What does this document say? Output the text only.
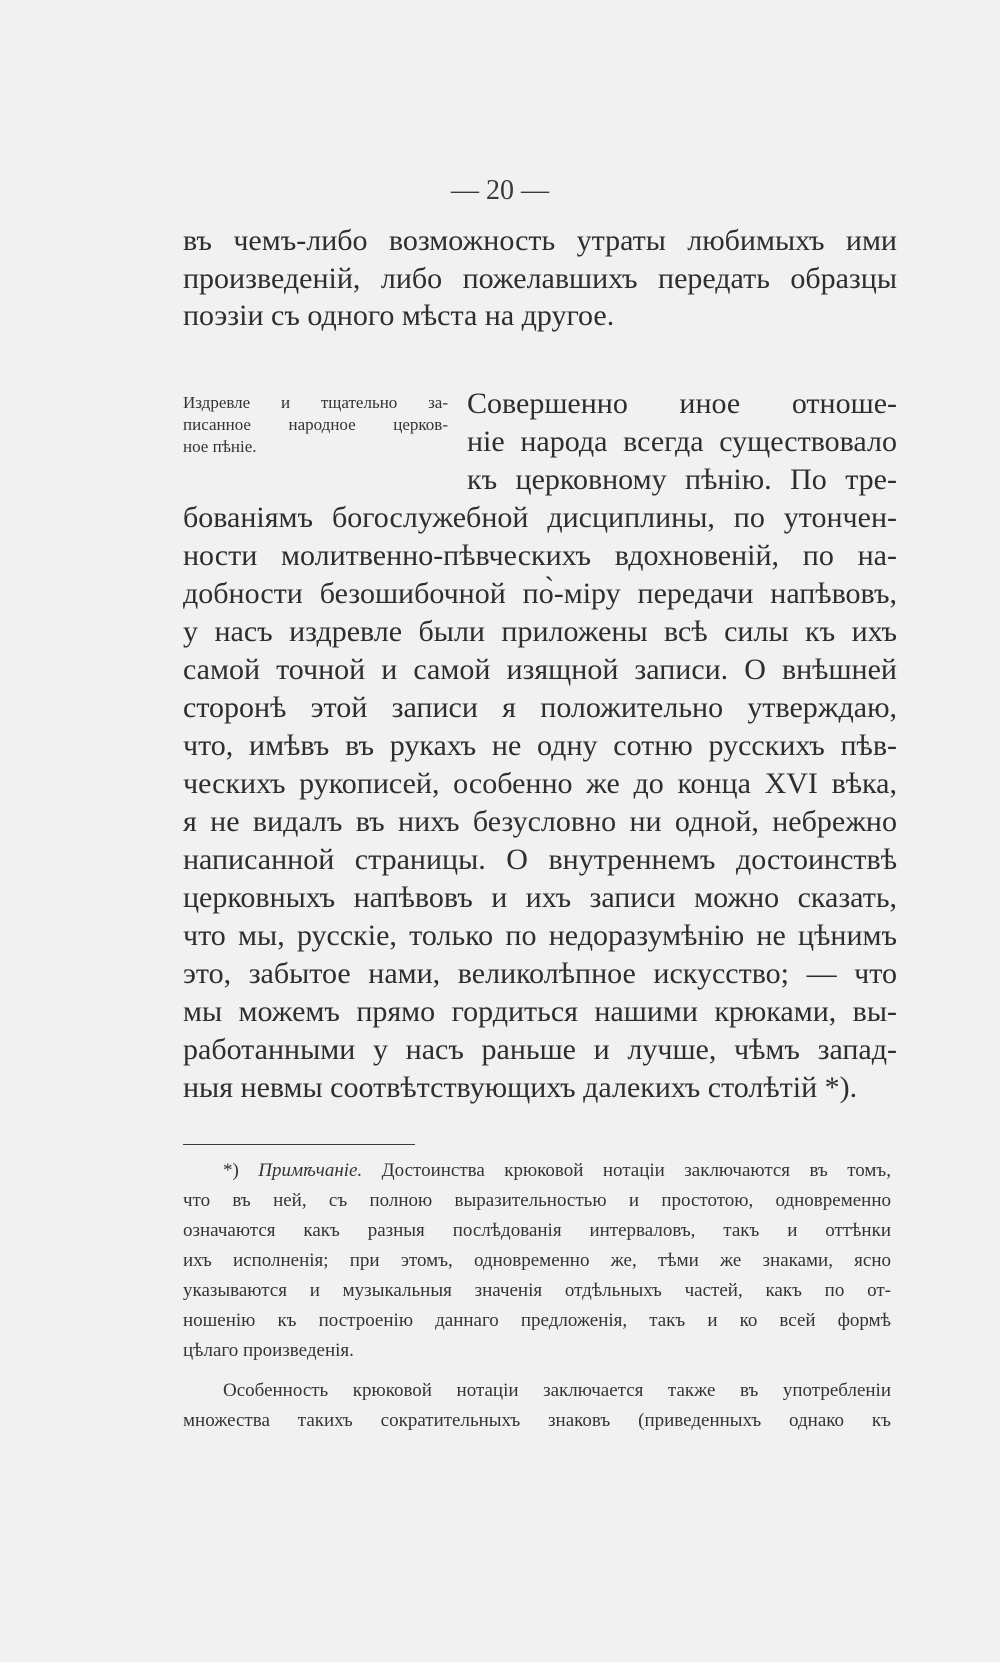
— 20 —
въ чемъ-либо возможность утраты любимыхъ ими
произведеній, либо пожелавшихъ передать образцы
поэзіи съ одного мѣста на другое.
Издревле и тщательно за-
писанное народное церков-
ное пѣніе.
Совершенно иное отноше-
ніе народа всегда существовало
къ церковному пѣнію. По тре-
бованіямъ богослужебной дисциплины, по утончен-
ности молитвенно-пѣвческихъ вдохновеній, по на-
добности безошибочной по̀-міру передачи напѣвовъ,
у насъ издревле были приложены всѣ силы къ ихъ
самой точной и самой изящной записи. О внѣшней
сторонѣ этой записи я положительно утверждаю,
что, имѣвъ въ рукахъ не одну сотню русскихъ пѣв-
ческихъ рукописей, особенно же до конца XVI вѣка,
я не видалъ въ нихъ безусловно ни одной, небрежно
написанной страницы. О внутреннемъ достоинствѣ
церковныхъ напѣвовъ и ихъ записи можно сказать,
что мы, русскіе, только по недоразумѣнію не цѣнимъ
это, забытое нами, великолѣпное искусство; — что
мы можемъ прямо гордиться нашими крюками, вы-
работанными у насъ раньше и лучше, чѣмъ запад-
ныя невмы соотвѣтствующихъ далекихъ столѣтій *).
*) Примѣчаніе. Достоинства крюковой нотаціи заключаются въ томъ,
что въ ней, съ полною выразительностью и простотою, одновременно
означаются какъ разныя послѣдованія интерваловъ, такъ и оттѣнки
ихъ исполненія; при этомъ, одновременно же, тѣми же знаками, ясно
указываются и музыкальныя значенія отдѣльныхъ частей, какъ по от-
ношенію къ построенію даннаго предложенія, такъ и ко всей формѣ
цѣлаго произведенія.
Особенность крюковой нотаціи заключается также въ употребленіи
множества такихъ сократительныхъ знаковъ (приведенныхъ однако къ
